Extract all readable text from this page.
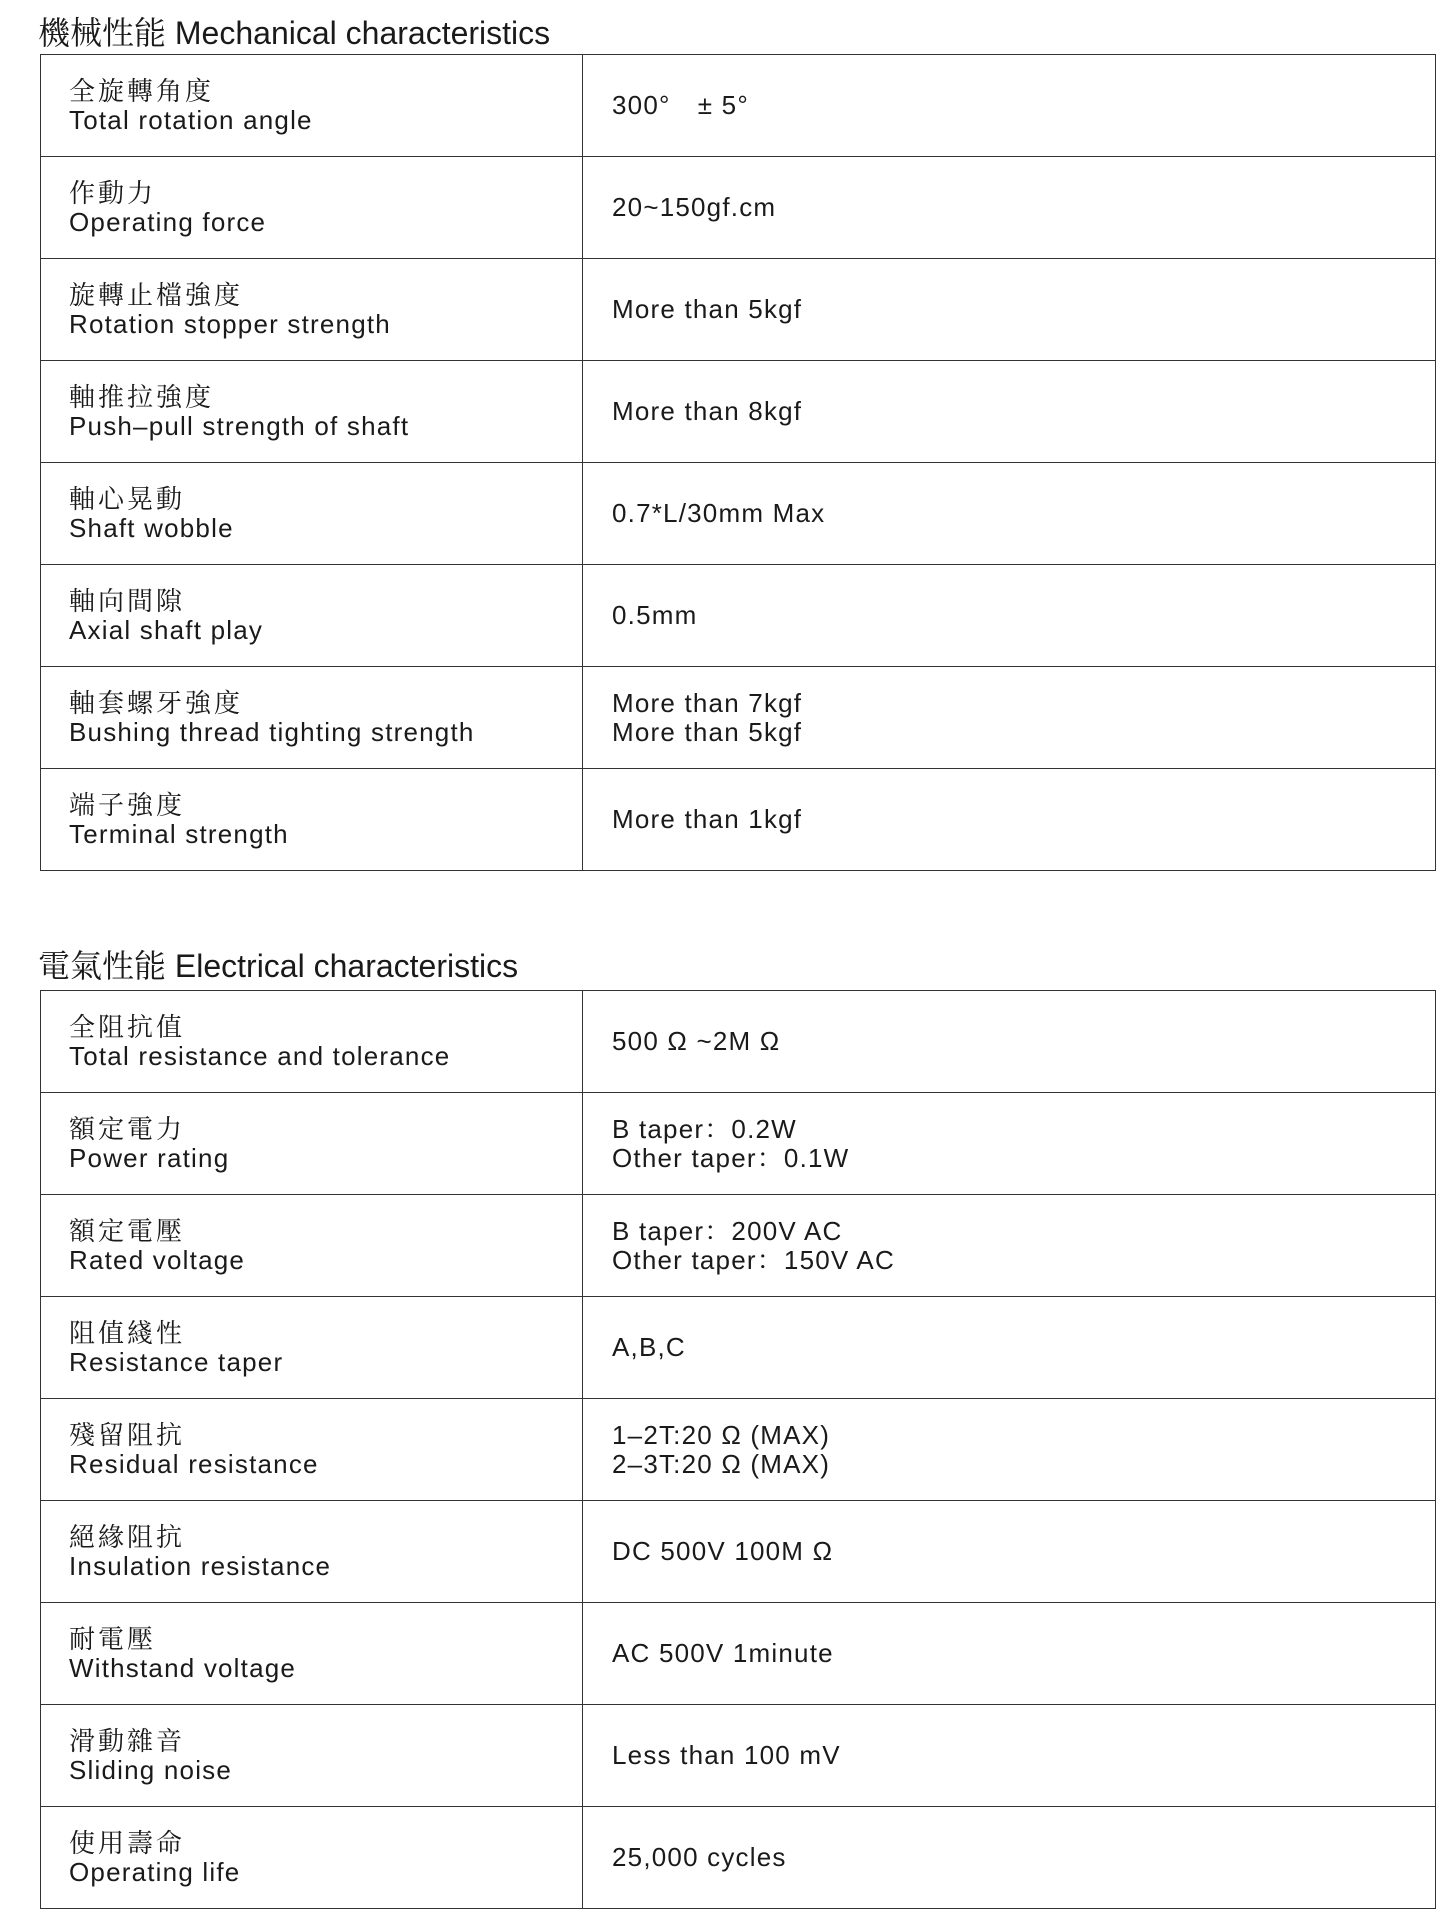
機械性能 Mechanical characteristics
全旋轉角度
Total rotation angle	300°　± 5°

作動力
Operating force	20~150gf.cm

旋轉止檔強度
Rotation stopper strength	More than 5kgf

軸推拉強度
Push–pull strength of shaft	More than 8kgf

軸心晃動
Shaft wobble	0.7*L/30mm Max

軸向間隙
Axial shaft play	0.5mm

軸套螺牙強度
Bushing thread tighting strength	More than 7kgf
More than 5kgf

端子強度
Terminal strength	More than 1kgf
電氣性能 Electrical characteristics
全阻抗值
Total resistance and tolerance	500 Ω ~2M Ω

額定電力
Power rating	B taper：0.2W
Other taper：0.1W

額定電壓
Rated voltage	B taper：200V AC
Other taper：150V AC

阻值綫性
Resistance taper	A,B,C

殘留阻抗
Residual resistance	1–2T:20 Ω (MAX)
2–3T:20 Ω (MAX)

絕緣阻抗
Insulation resistance	DC 500V 100M Ω

耐電壓
Withstand voltage	AC 500V 1minute

滑動雜音
Sliding noise	Less than 100 mV

使用壽命
Operating life	25,000 cycles
